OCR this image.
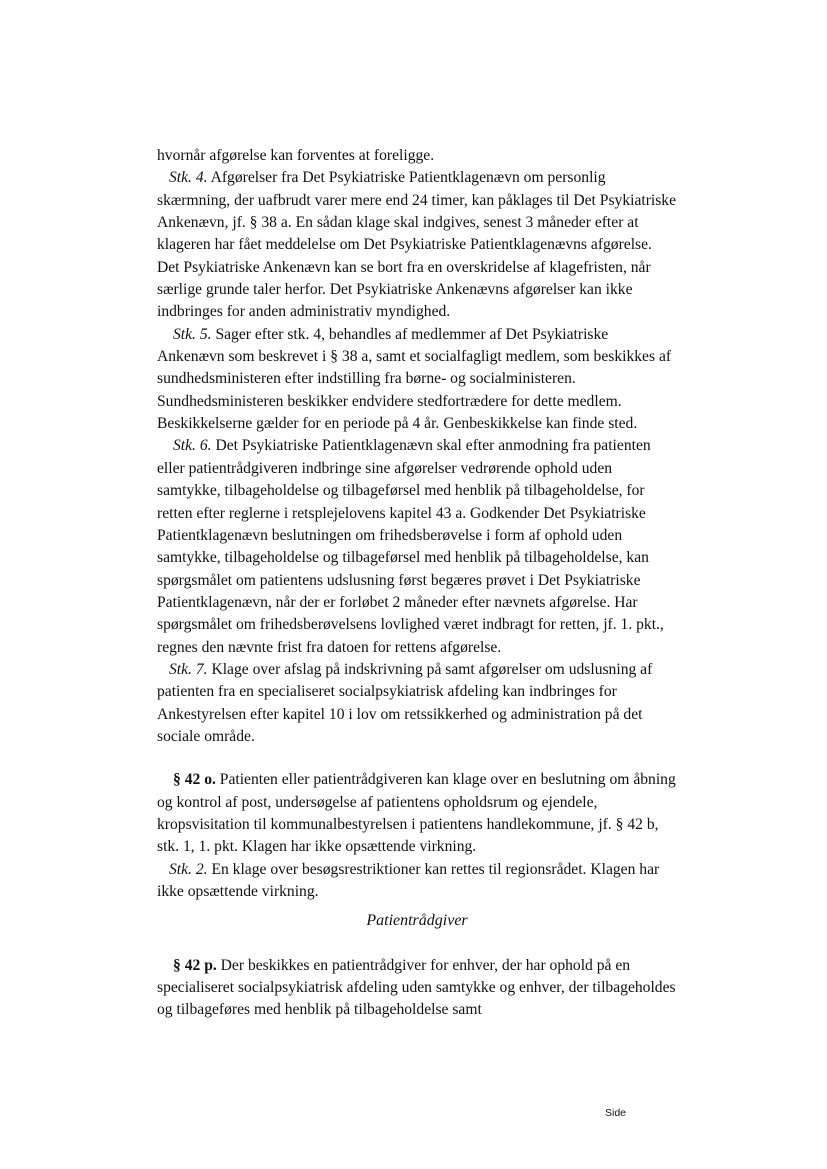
hvornår afgørelse kan forventes at foreligge.

Stk. 4. Afgørelser fra Det Psykiatriske Patientklagenævn om personlig skærmning, der uafbrudt varer mere end 24 timer, kan påklages til Det Psykiatriske Ankenævn, jf. § 38 a. En sådan klage skal indgives, senest 3 måneder efter at klageren har fået meddelelse om Det Psykiatriske Patientklagenævns afgørelse. Det Psykiatriske Ankenævn kan se bort fra en overskridelse af klagefristen, når særlige grunde taler herfor. Det Psykiatriske Ankenævns afgørelser kan ikke indbringes for anden administrativ myndighed.

Stk. 5. Sager efter stk. 4, behandles af medlemmer af Det Psykiatriske Ankenævn som beskrevet i § 38 a, samt et socialfagligt medlem, som beskikkes af sundhedsministeren efter indstilling fra børne- og socialministeren. Sundhedsministeren beskikker endvidere stedfortrædere for dette medlem. Beskikkelserne gælder for en periode på 4 år. Genbeskikkelse kan finde sted.

Stk. 6. Det Psykiatriske Patientklagenævn skal efter anmodning fra patienten eller patientrådgiveren indbringe sine afgørelser vedrørende ophold uden samtykke, tilbageholdelse og tilbageførsel med henblik på tilbageholdelse, for retten efter reglerne i retsplejelovens kapitel 43 a. Godkender Det Psykiatriske Patientklagenævn beslutningen om frihedsberøvelse i form af ophold uden samtykke, tilbageholdelse og tilbageførsel med henblik på tilbageholdelse, kan spørgsmålet om patientens udslusning først begæres prøvet i Det Psykiatriske Patientklagenævn, når der er forløbet 2 måneder efter nævnets afgørelse. Har spørgsmålet om frihedsberøvelsens lovlighed været indbragt for retten, jf. 1. pkt., regnes den nævnte frist fra datoen for rettens afgørelse.

Stk. 7. Klage over afslag på indskrivning på samt afgørelser om udslusning af patienten fra en specialiseret socialpsykiatrisk afdeling kan indbringes for Ankestyrelsen efter kapitel 10 i lov om retssikkerhed og administration på det sociale område.

§ 42 o. Patienten eller patientrådgiveren kan klage over en beslutning om åbning og kontrol af post, undersøgelse af patientens opholdsrum og ejendele, kropsvisitation til kommunalbestyrelsen i patientens handlekommune, jf. § 42 b, stk. 1, 1. pkt. Klagen har ikke opsættende virkning.

Stk. 2. En klage over besøgsrestriktioner kan rettes til regionsrådet. Klagen har ikke opsættende virkning.

Patientrådgiver

§ 42 p. Der beskikkes en patientrådgiver for enhver, der har ophold på en specialiseret socialpsykiatrisk afdeling uden samtykke og enhver, der tilbageholdes og tilbageføres med henblik på tilbageholdelse samt

Side
